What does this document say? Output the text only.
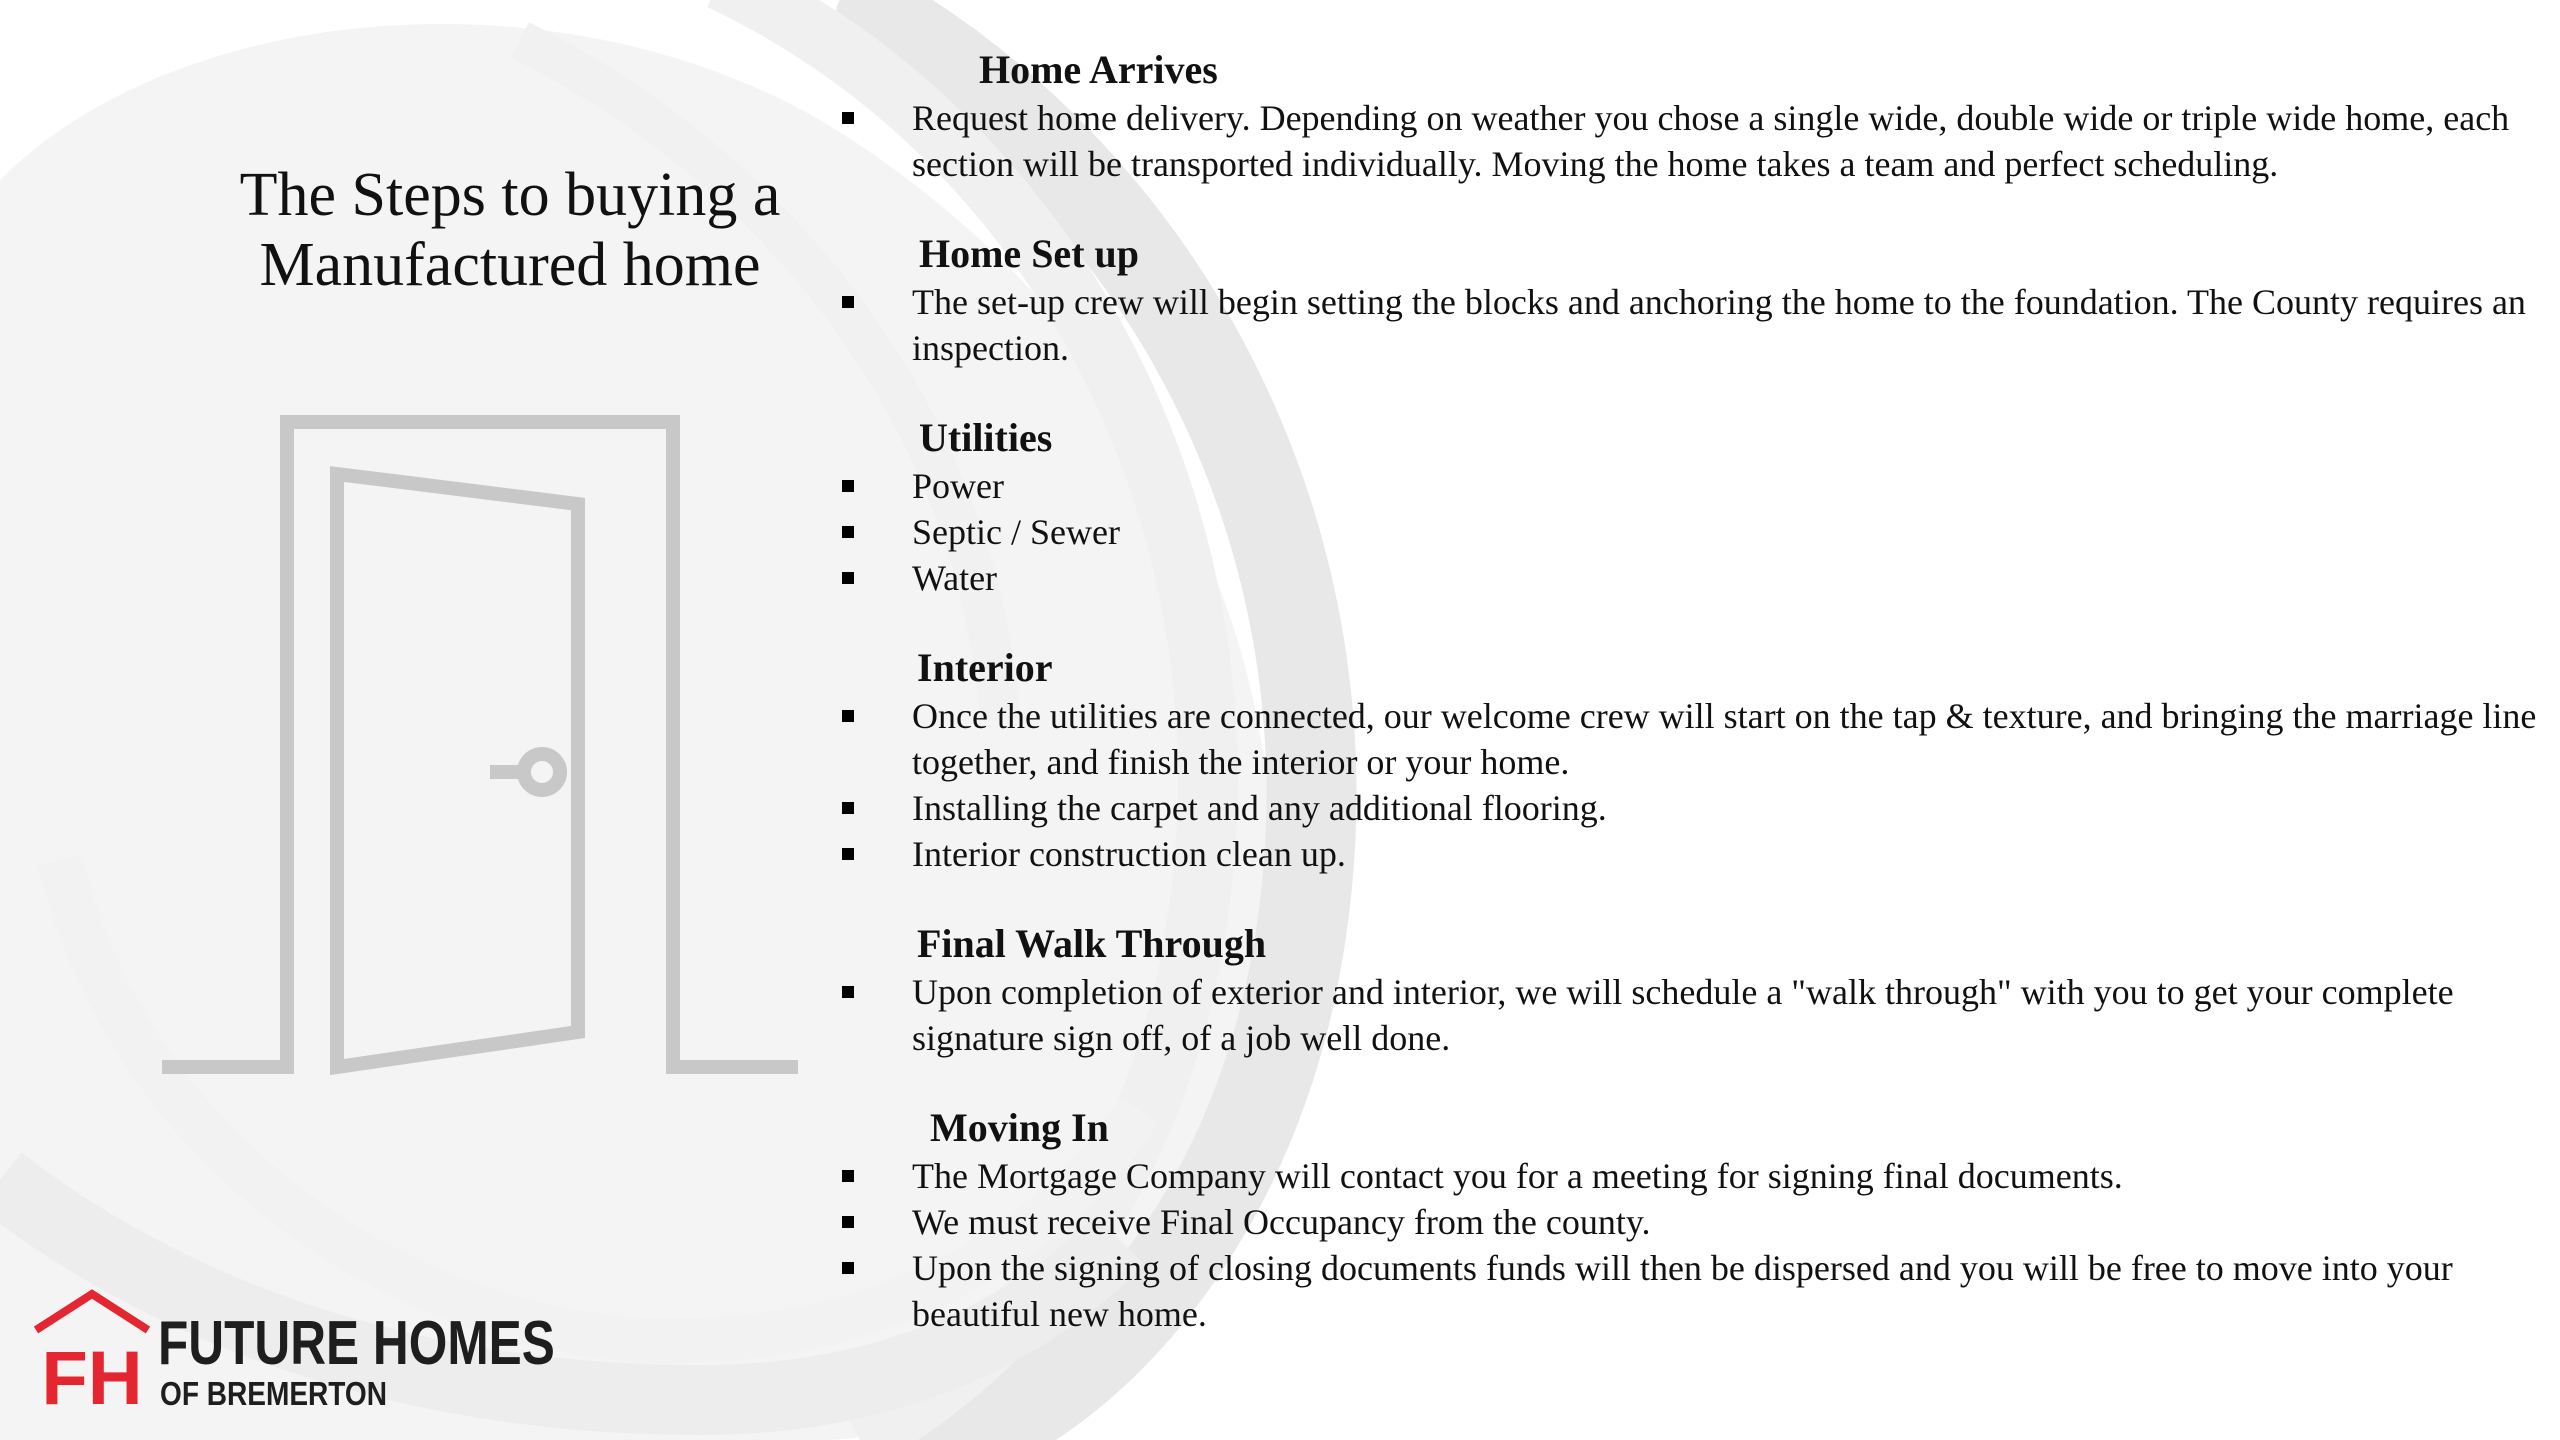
The Steps to buying a
Manufactured home
Home Arrives
Request home delivery. Depending on weather you chose a single wide, double wide or triple wide home, each section will be transported individually. Moving the home takes a team and perfect scheduling.
Home Set up
The set-up crew will begin setting the blocks and anchoring the home to the foundation. The County requires an inspection.
Utilities
Power
Septic / Sewer
Water
Interior
Once the utilities are connected, our welcome crew will start on the tap & texture, and bringing the marriage line together, and finish the interior or your home.
Installing the carpet and any additional flooring.
Interior construction clean up.
Final Walk Through
Upon completion of exterior and interior, we will schedule a "walk through" with you to get your complete signature sign off, of a job well done.
Moving In
The Mortgage Company will contact you for a meeting for signing final documents.
We must receive Final Occupancy from the county.
Upon the signing of closing documents funds will then be dispersed and you will be free to move into your beautiful new home.
FH FUTURE HOMES
OF BREMERTON
